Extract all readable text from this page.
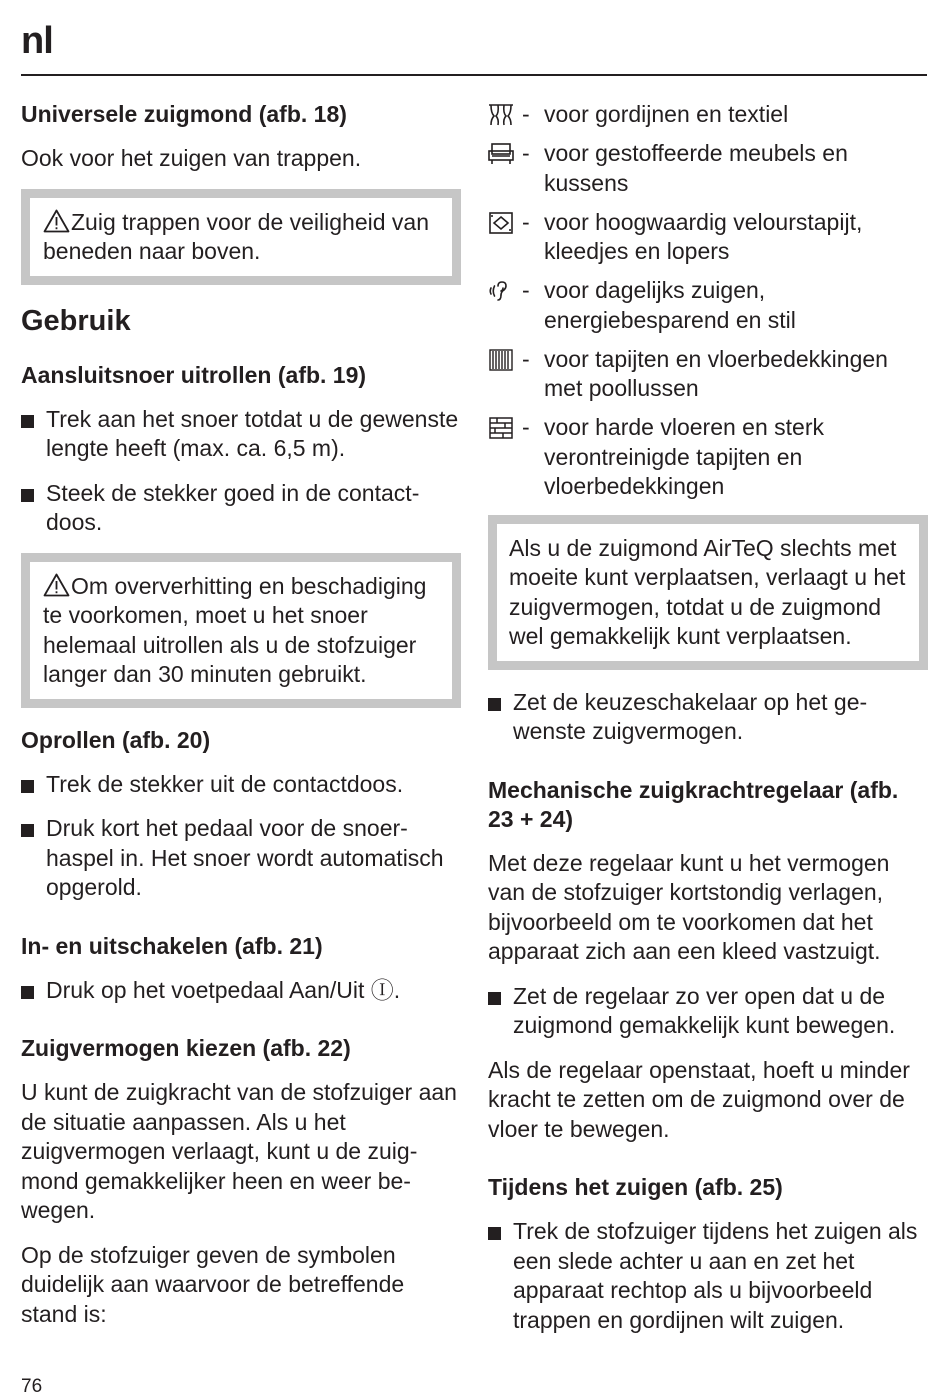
nl
Universele zuigmond (afb. 18)
Ook voor het zuigen van trappen.
Zuig trappen voor de veiligheid van beneden naar boven.
Gebruik
Aansluitsnoer uitrollen (afb. 19)
Trek aan het snoer totdat u de gewenste lengte heeft (max. ca. 6,5 m).
Steek de stekker goed in de contactdoos.
Om oververhitting en beschadiging te voorkomen, moet u het snoer helemaal uitrollen als u de stofzuiger langer dan 30 minuten gebruikt.
Oprollen (afb. 20)
Trek de stekker uit de contactdoos.
Druk kort het pedaal voor de snoerhaspel in. Het snoer wordt automatisch opgerold.
In- en uitschakelen (afb. 21)
Druk op het voetpedaal Aan/Uit Ⓘ.
Zuigvermogen kiezen (afb. 22)
U kunt de zuigkracht van de stofzuiger aan de situatie aanpassen. Als u het zuigvermogen verlaagt, kunt u de zuigmond gemakkelijker heen en weer bewegen.
Op de stofzuiger geven de symbolen duidelijk aan waarvoor de betreffende stand is:
- voor gordijnen en textiel
- voor gestoffeerde meubels en kussens
- voor hoogwaardig velourstapijt, kleedjes en lopers
- voor dagelijks zuigen, energiebesparend en stil
- voor tapijten en vloerbedekkingen met poollussen
- voor harde vloeren en sterk verontreinigde tapijten en vloerbedekkingen
Als u de zuigmond AirTeQ slechts met moeite kunt verplaatsen, verlaagt u het zuigvermogen, totdat u de zuigmond wel gemakkelijk kunt verplaatsen.
Zet de keuzeschakelaar op het gewenste zuigvermogen.
Mechanische zuigkrachtregelaar (afb. 23 + 24)
Met deze regelaar kunt u het vermogen van de stofzuiger kortstondig verlagen, bijvoorbeeld om te voorkomen dat het apparaat zich aan een kleed vastzuigt.
Zet de regelaar zo ver open dat u de zuigmond gemakkelijk kunt bewegen.
Als de regelaar openstaat, hoeft u minder kracht te zetten om de zuigmond over de vloer te bewegen.
Tijdens het zuigen (afb. 25)
Trek de stofzuiger tijdens het zuigen als een slede achter u aan en zet het apparaat rechtop als u bijvoorbeeld trappen en gordijnen wilt zuigen.
76
